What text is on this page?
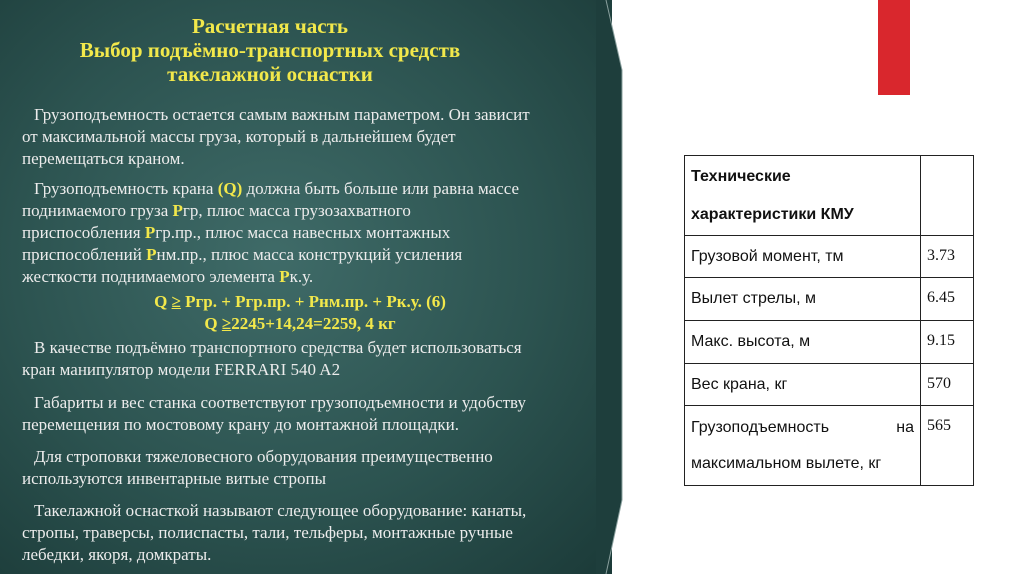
Расчетная часть
Выбор подъёмно-транспортных средств
такелажной оснастки
Грузоподъемность остается самым важным параметром. Он зависит
от максимальной массы груза, который в дальнейшем будет
перемещаться краном.
Грузоподъемность крана (Q) должна быть больше или равна массе
поднимаемого груза Ргр, плюс масса грузозахватного
приспособления Ргр.пр., плюс масса навесных монтажных
приспособлений Рнм.пр., плюс масса конструкций усиления
жесткости поднимаемого элемента Рк.у.
Q ≥ Ргр. + Ргр.пр. + Рнм.пр. + Рк.у. (6)
Q ≥2245+14,24=2259, 4 кг
В качестве подъёмно транспортного средства будет использоваться
кран манипулятор модели FERRARI 540 A2
Габариты и вес станка соответствуют грузоподъемности и удобству
перемещения по мостовому крану до монтажной площадки.
Для строповки тяжеловесного оборудования преимущественно
используются инвентарные витые стропы
Такелажной оснасткой называют следующее оборудование: канаты,
стропы, траверсы, полиспасты, тали, тельферы, монтажные ручные
лебедки, якоря, домкраты.
Технические
характеристики КМУ	

Грузовой момент, тм	3.73
Вылет стрелы, м	6.45
Макс. высота, м	9.15
Вес крана, кг	570

Грузоподъемность на
максимальном вылете, кг	565
